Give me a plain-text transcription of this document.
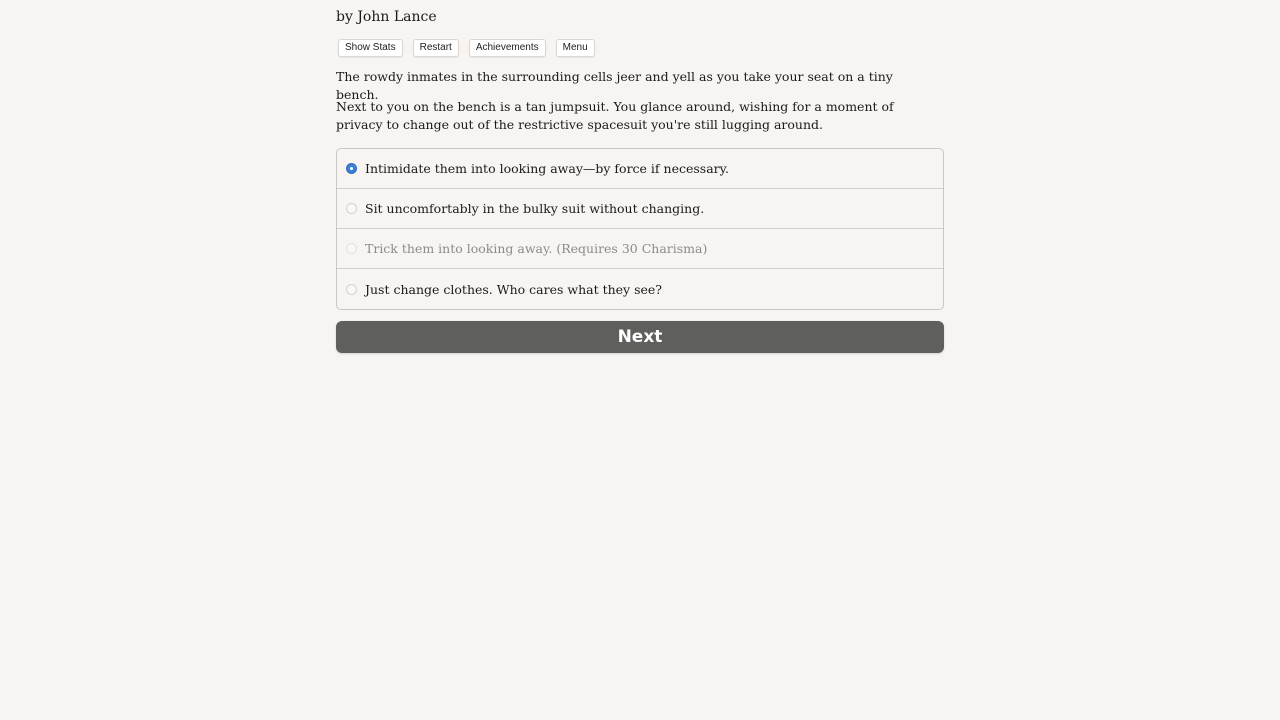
by John Lance
Show Stats	Restart	Achievements	Menu
The rowdy inmates in the surrounding cells jeer and yell as you take your seat on a tiny bench.
Next to you on the bench is a tan jumpsuit. You glance around, wishing for a moment of privacy to change out of the restrictive spacesuit you're still lugging around.
Intimidate them into looking away—by force if necessary.
Sit uncomfortably in the bulky suit without changing.
Trick them into looking away. (Requires 30 Charisma)
Just change clothes. Who cares what they see?
Next
